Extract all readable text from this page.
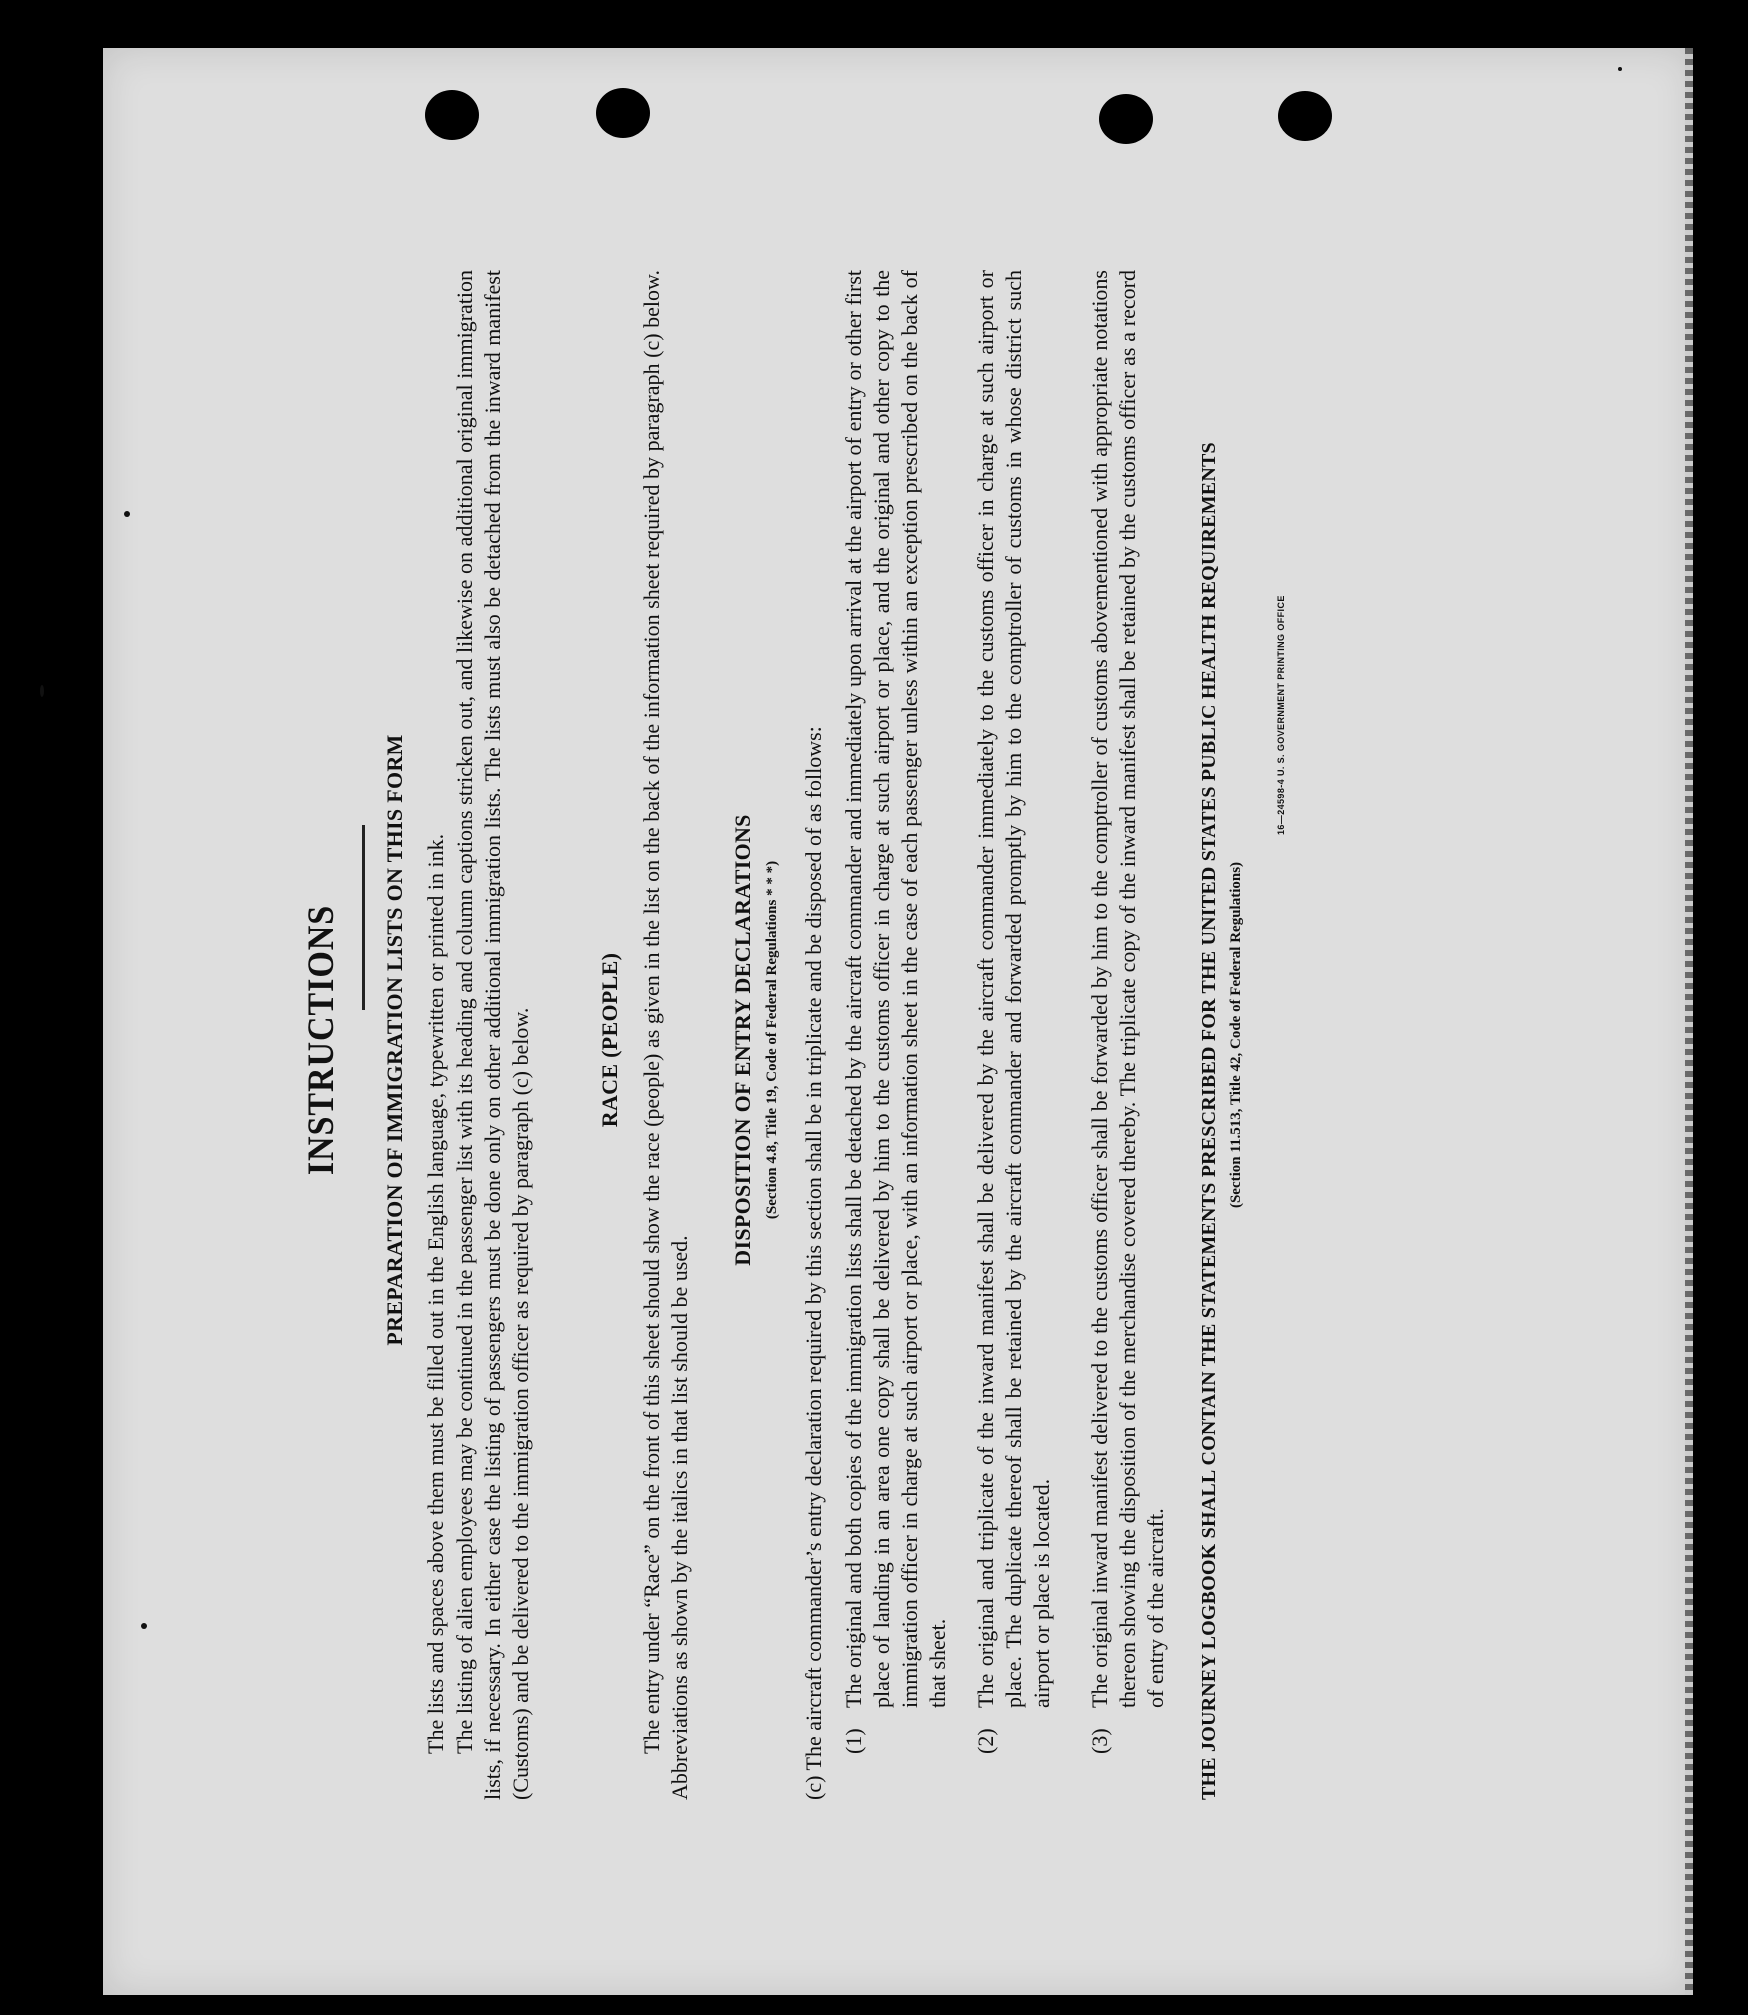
INSTRUCTIONS PREPARATION OF IMMIGRATION LISTS ON THIS FORM The lists and spaces above them must be filled out in the English language, typewritten or printed in ink. The listing of alien employees may be continued in the passenger list with its heading and column captions stricken out, and likewise on additional original immigration lists, if necessary. In either case the listing of passengers must be done only on other additional immigration lists. The lists must also be detached from the inward manifest (Customs) and be delivered to the immigration officer as required by paragraph (c) below.	RACE (PEOPLE) The entry under “Race” on the front of this sheet should show the race (people) as given in the list on the back of the information sheet required by paragraph (c) below. Abbreviations as shown by the italics in that list should be used.
DISPOSITION OF ENTRY DECLARATIONS (Section 4.8, Title 19, Code of Federal Regulations * * *) (c) The aircraft commander’s entry declaration required by this section shall be in triplicate and be disposed of as follows: (1)
The original and both copies of the immigration lists shall be detached by the aircraft commander and immediately upon arrival at the airport of entry or other first place of landing in an area one copy shall be delivered by him to the customs officer in charge at such airport or place, and the original and other copy to the immigration officer in charge at such airport or place, with an information sheet in the case of each passenger unless within an exception prescribed on the back of that sheet.
(2)
The original and triplicate of the inward manifest shall be delivered by the aircraft commander immediately to the customs officer in charge at such airport or place. The duplicate thereof shall be retained by the aircraft commander and forwarded promptly by him to the comptroller of customs in whose district such airport or place is located.
(3)
The original inward manifest delivered to the customs officer shall be forwarded by him to the comptroller of customs abovementioned with appropriate notations thereon showing the disposition of the merchandise covered thereby. The triplicate copy of the inward manifest shall be retained by the customs officer as a record of entry of the aircraft. THE JOURNEY LOGBOOK SHALL CONTAIN THE STATEMENTS PRESCRIBED FOR THE UNITED STATES PUBLIC HEALTH REQUIREMENTS (Section 11.513, Title 42, Code of Federal Regulations)
16—24598-4 U. S. GOVERNMENT PRINTING OFFICE
